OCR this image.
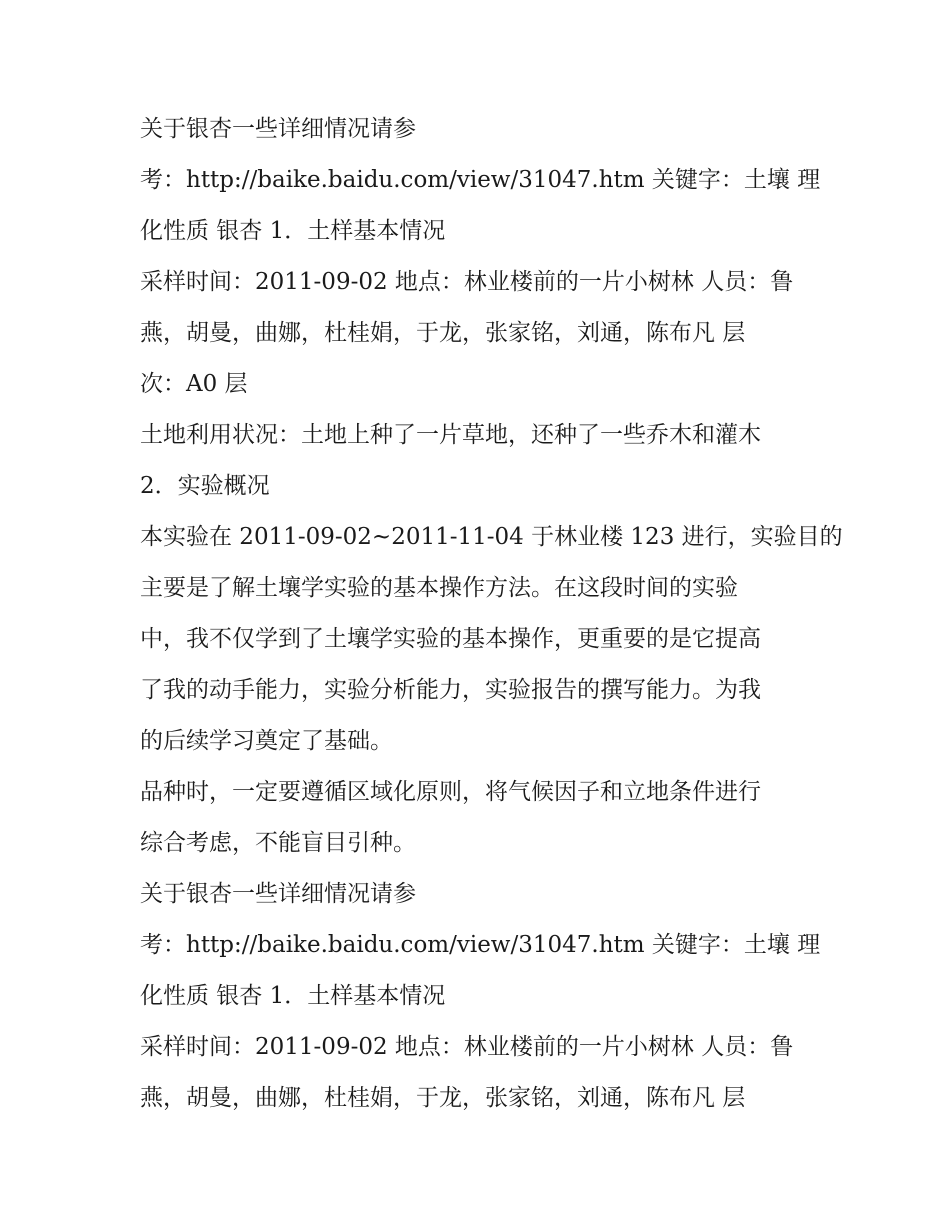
关于银杏一些详细情况请参
考：http://baike.baidu.com/view/31047.htm 关键字：土壤 理
化性质 银杏 1．土样基本情况
采样时间：2011-09-02 地点：林业楼前的一片小树林 人员：鲁
燕，胡曼，曲娜，杜桂娟，于龙，张家铭，刘通，陈布凡 层
次：A0 层
土地利用状况：土地上种了一片草地，还种了一些乔木和灌木
2．实验概况
本实验在 2011-09-02~2011-11-04 于林业楼 123 进行，实验目的
主要是了解土壤学实验的基本操作方法。在这段时间的实验
中，我不仅学到了土壤学实验的基本操作，更重要的是它提高
了我的动手能力，实验分析能力，实验报告的撰写能力。为我
的后续学习奠定了基础。
品种时，一定要遵循区域化原则，将气候因子和立地条件进行
综合考虑，不能盲目引种。
关于银杏一些详细情况请参
考：http://baike.baidu.com/view/31047.htm 关键字：土壤 理
化性质 银杏 1．土样基本情况
采样时间：2011-09-02 地点：林业楼前的一片小树林 人员：鲁
燕，胡曼，曲娜，杜桂娟，于龙，张家铭，刘通，陈布凡 层
